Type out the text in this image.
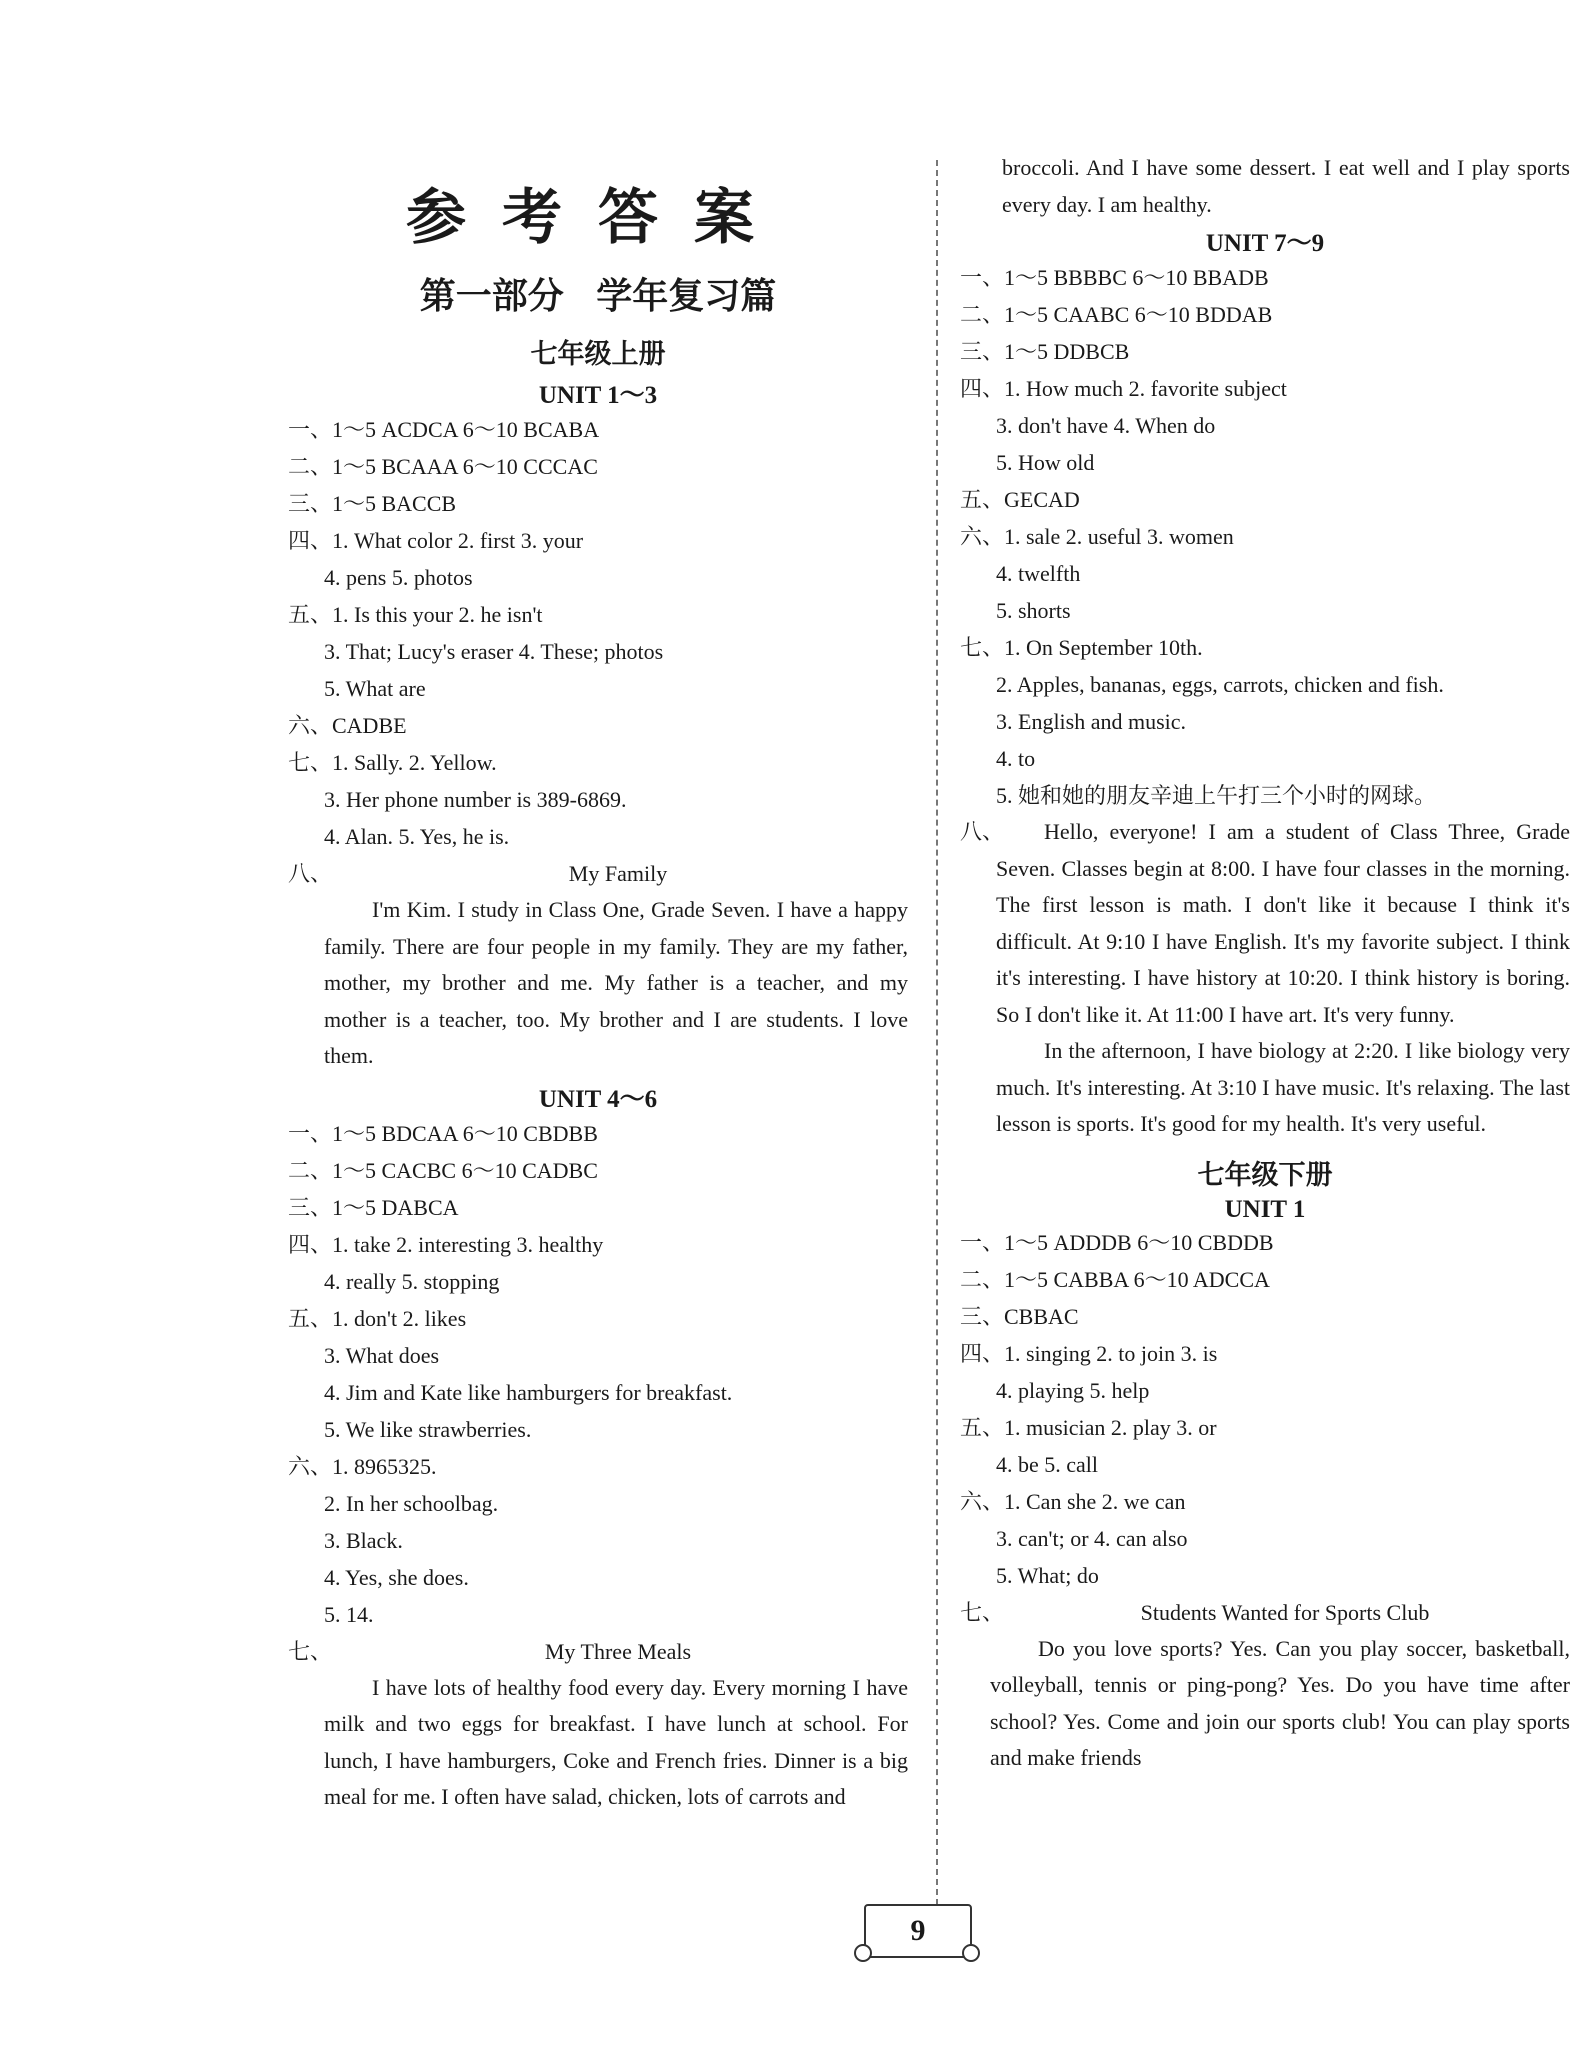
参考答案
第一部分 学年复习篇
七年级上册
UNIT 1～3
一、1～5 ACDCA 6～10 BCABA
二、1～5 BCAAA 6～10 CCCAC
三、1～5 BACCB
四、1. What color 2. first 3. your
4. pens 5. photos
五、1. Is this your 2. he isn't
3. That; Lucy's eraser 4. These; photos
5. What are
六、CADBE
七、1. Sally. 2. Yellow.
3. Her phone number is 389-6869.
4. Alan. 5. Yes, he is.
八、	My Family

I'm Kim. I study in Class One, Grade Seven. I have a happy family. There are four people in my family. They are my father, mother, my brother and me. My father is a teacher, and my mother is a teacher, too. My brother and I are students. I love them.

UNIT 4～6
一、1～5 BDCAA 6～10 CBDBB
二、1～5 CACBC 6～10 CADBC
三、1～5 DABCA
四、1. take 2. interesting 3. healthy
4. really 5. stopping
五、1. don't 2. likes
3. What does
4. Jim and Kate like hamburgers for breakfast.
5. We like strawberries.
六、1. 8965325.
2. In her schoolbag.
3. Black.
4. Yes, she does.
5. 14.
七、	My Three Meals

I have lots of healthy food every day. Every morning I have milk and two eggs for breakfast. I have lunch at school. For lunch, I have hamburgers, Coke and French fries. Dinner is a big meal for me. I often have salad, chicken, lots of carrots and

broccoli. And I have some dessert. I eat well and I play sports every day. I am healthy.

UNIT 7～9
一、1～5 BBBBC 6～10 BBADB
二、1～5 CAABC 6～10 BDDAB
三、1～5 DDBCB
四、1. How much 2. favorite subject
3. don't have 4. When do
5. How old
五、GECAD
六、1. sale 2. useful 3. women
4. twelfth
5. shorts
七、1. On September 10th.
2. Apples, bananas, eggs, carrots, chicken and fish.
3. English and music.
4. to
5. 她和她的朋友辛迪上午打三个小时的网球。
八、	Hello, everyone! I am a student of Class Three, Grade Seven. Classes begin at 8:00. I have four classes in the morning. The first lesson is math. I don't like it because I think it's difficult. At 9:10 I have English. It's my favorite subject. I think it's interesting. I have history at 10:20. I think history is boring. So I don't like it. At 11:00 I have art. It's very funny.

In the afternoon, I have biology at 2:20. I like biology very much. It's interesting. At 3:10 I have music. It's relaxing. The last lesson is sports. It's good for my health. It's very useful.

七年级下册
UNIT 1
一、1～5 ADDDB 6～10 CBDDB
二、1～5 CABBA 6～10 ADCCA
三、CBBAC
四、1. singing 2. to join 3. is
4. playing 5. help
五、1. musician 2. play 3. or
4. be 5. call
六、1. Can she 2. we can
3. can't; or 4. can also
5. What; do
七、	Students Wanted for Sports Club

Do you love sports? Yes. Can you play soccer, basketball, volleyball, tennis or ping-pong? Yes. Do you have time after school? Yes. Come and join our sports club! You can play sports and make friends

9
